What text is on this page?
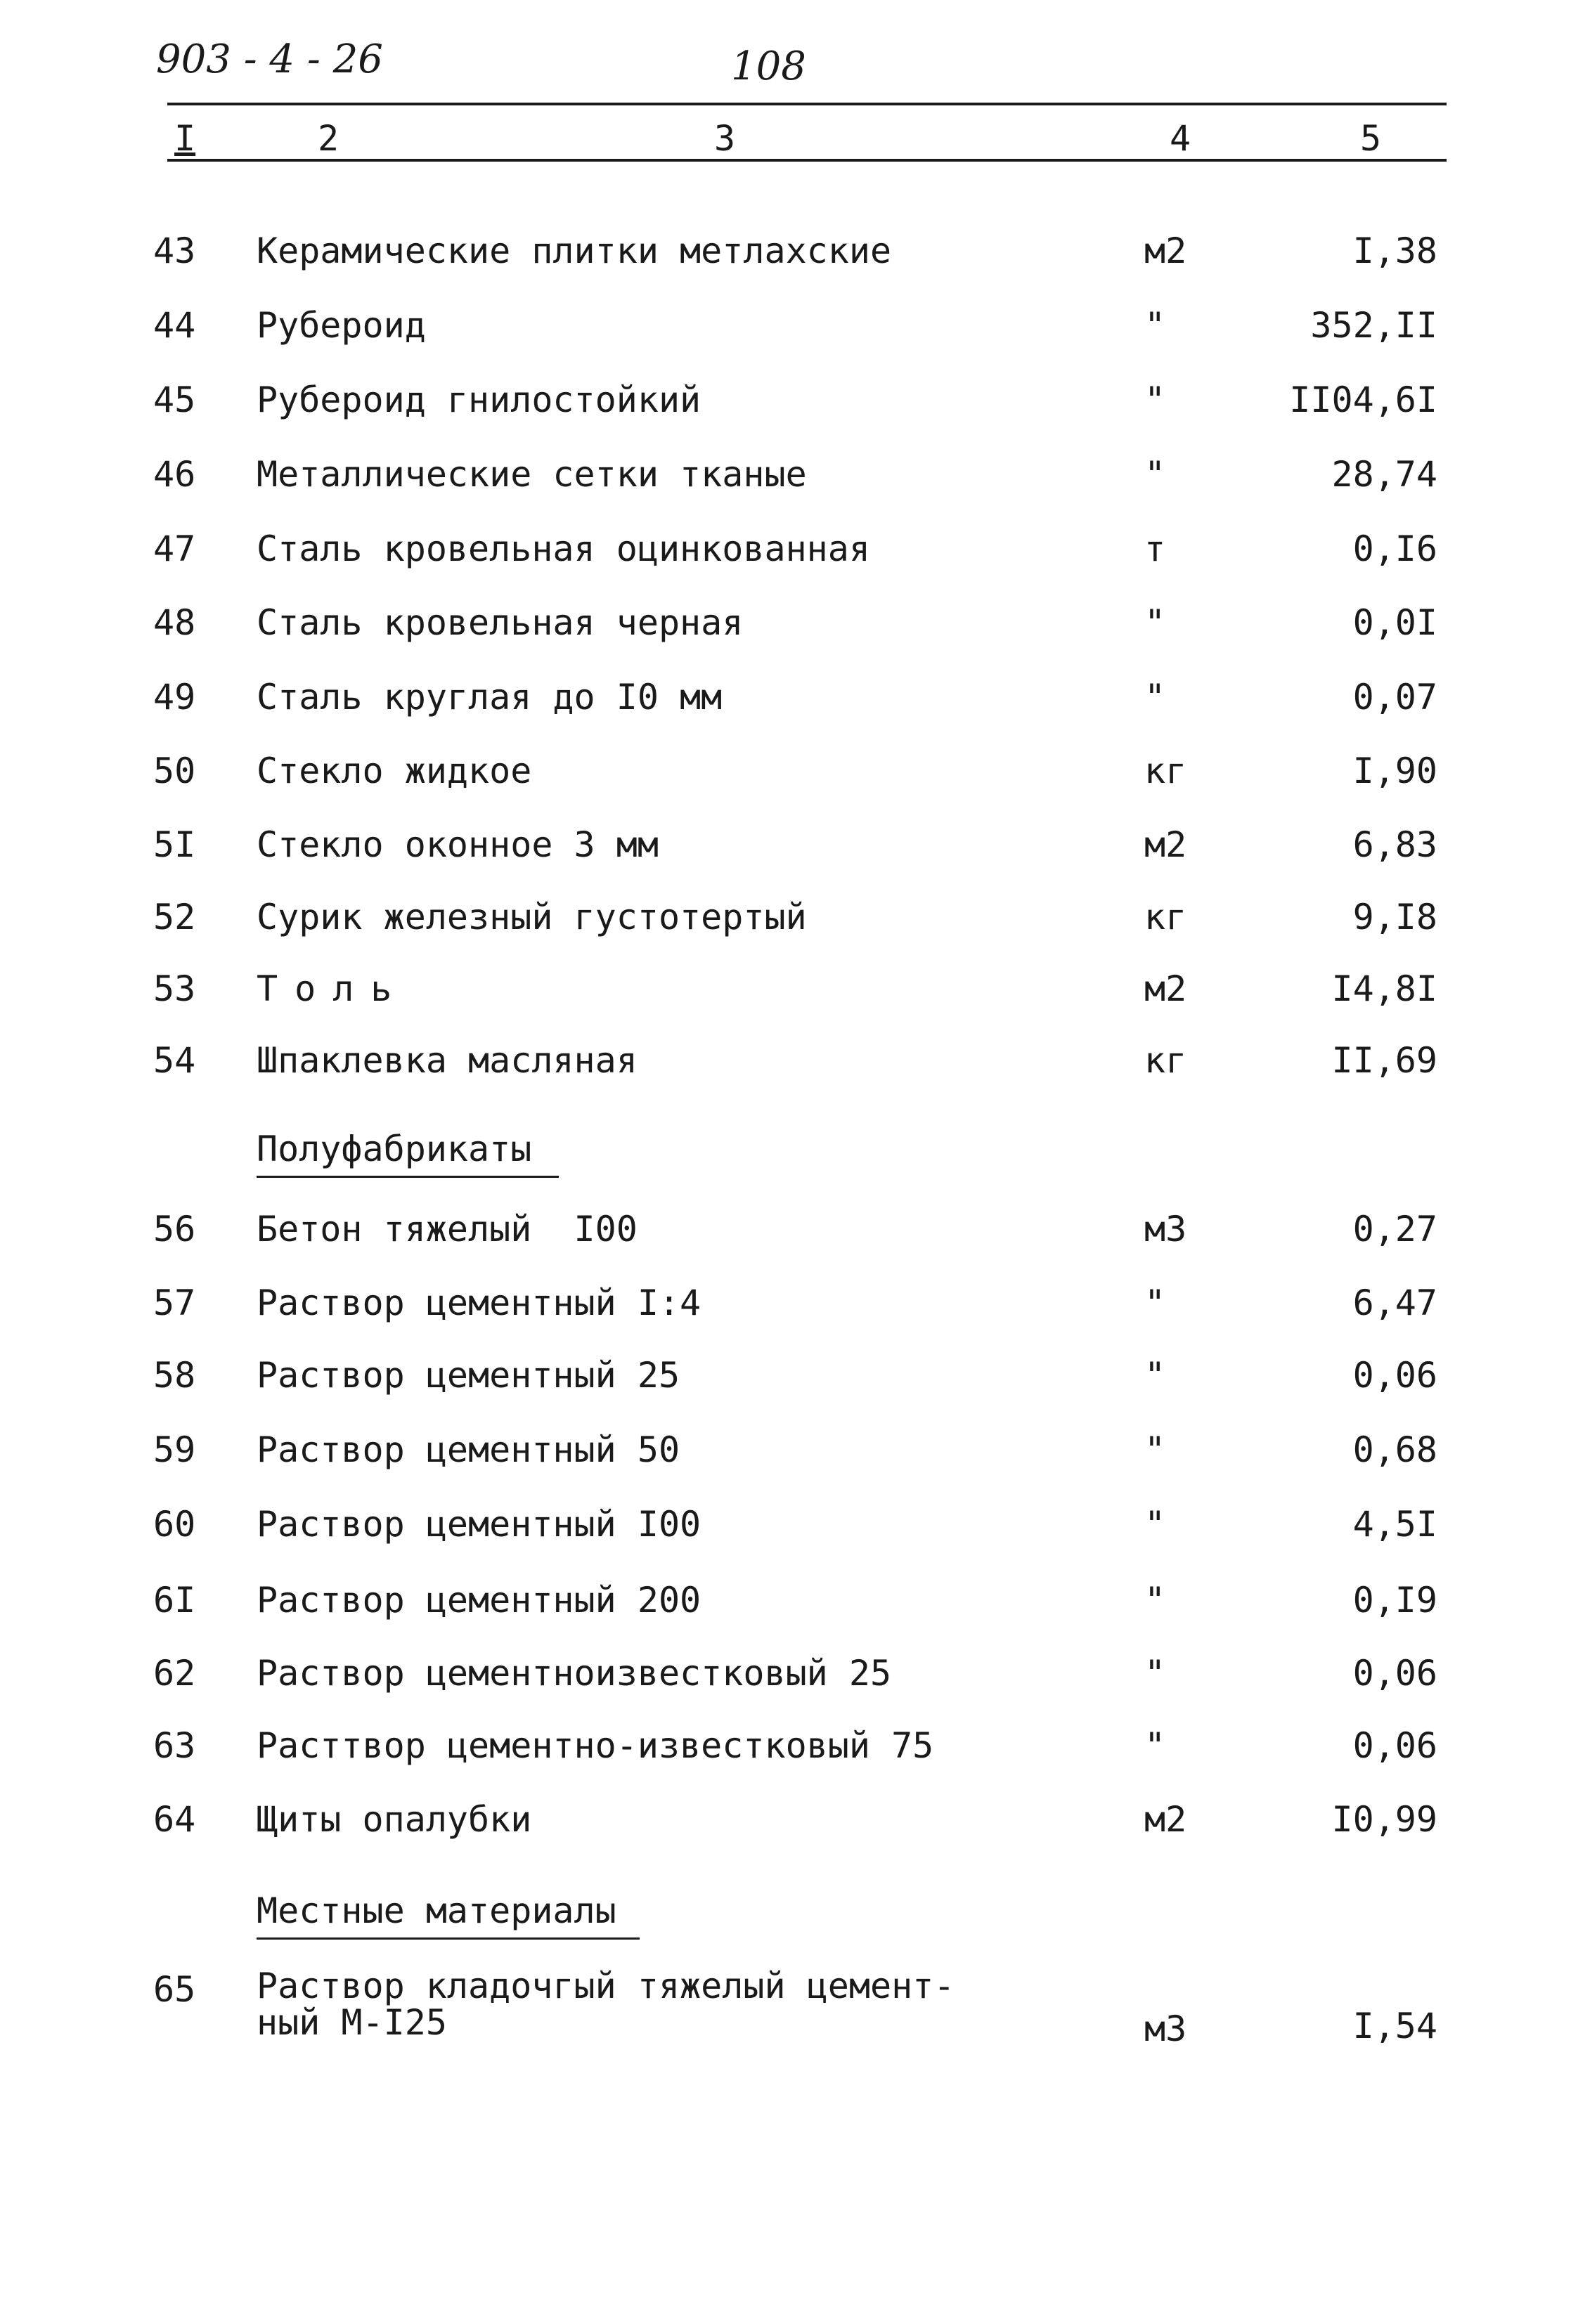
903 - 4 - 26	108
I	2	3	4	5
43	Керамические плитки метлахские	м2	I,38
44	Рубероид	"	352,II
45	Рубероид гнилостойкий	"	II04,6I
46	Металлические сетки тканые	"	28,74
47	Сталь кровельная оцинкованная	т	0,I6
48	Сталь кровельная черная	"	0,0I
49	Сталь круглая до I0 мм	"	0,07
50	Стекло жидкое	кг	I,90
5I	Стекло оконное 3 мм	м2	6,83
52	Сурик железный густотертый	кг	9,I8
53	Толь	м2	I4,8I
54	Шпаклевка масляная	кг	II,69
Полуфабрикаты
56	Бетон тяжелый  I00	м3	0,27
57	Раствор цементный I:4	"	6,47
58	Раствор цементный 25	"	0,06
59	Раствор цементный 50	"	0,68
60	Раствор цементный I00	"	4,5I
6I	Раствор цементный 200	"	0,I9
62	Раствор цементноизвестковый 25	"	0,06
63	Расттвор цементно-известковый 75	"	0,06
64	Щиты опалубки	м2	I0,99
Местные материалы
65	Раствор кладочгый тяжелый цемент-
ный М-I25	м3	I,54
